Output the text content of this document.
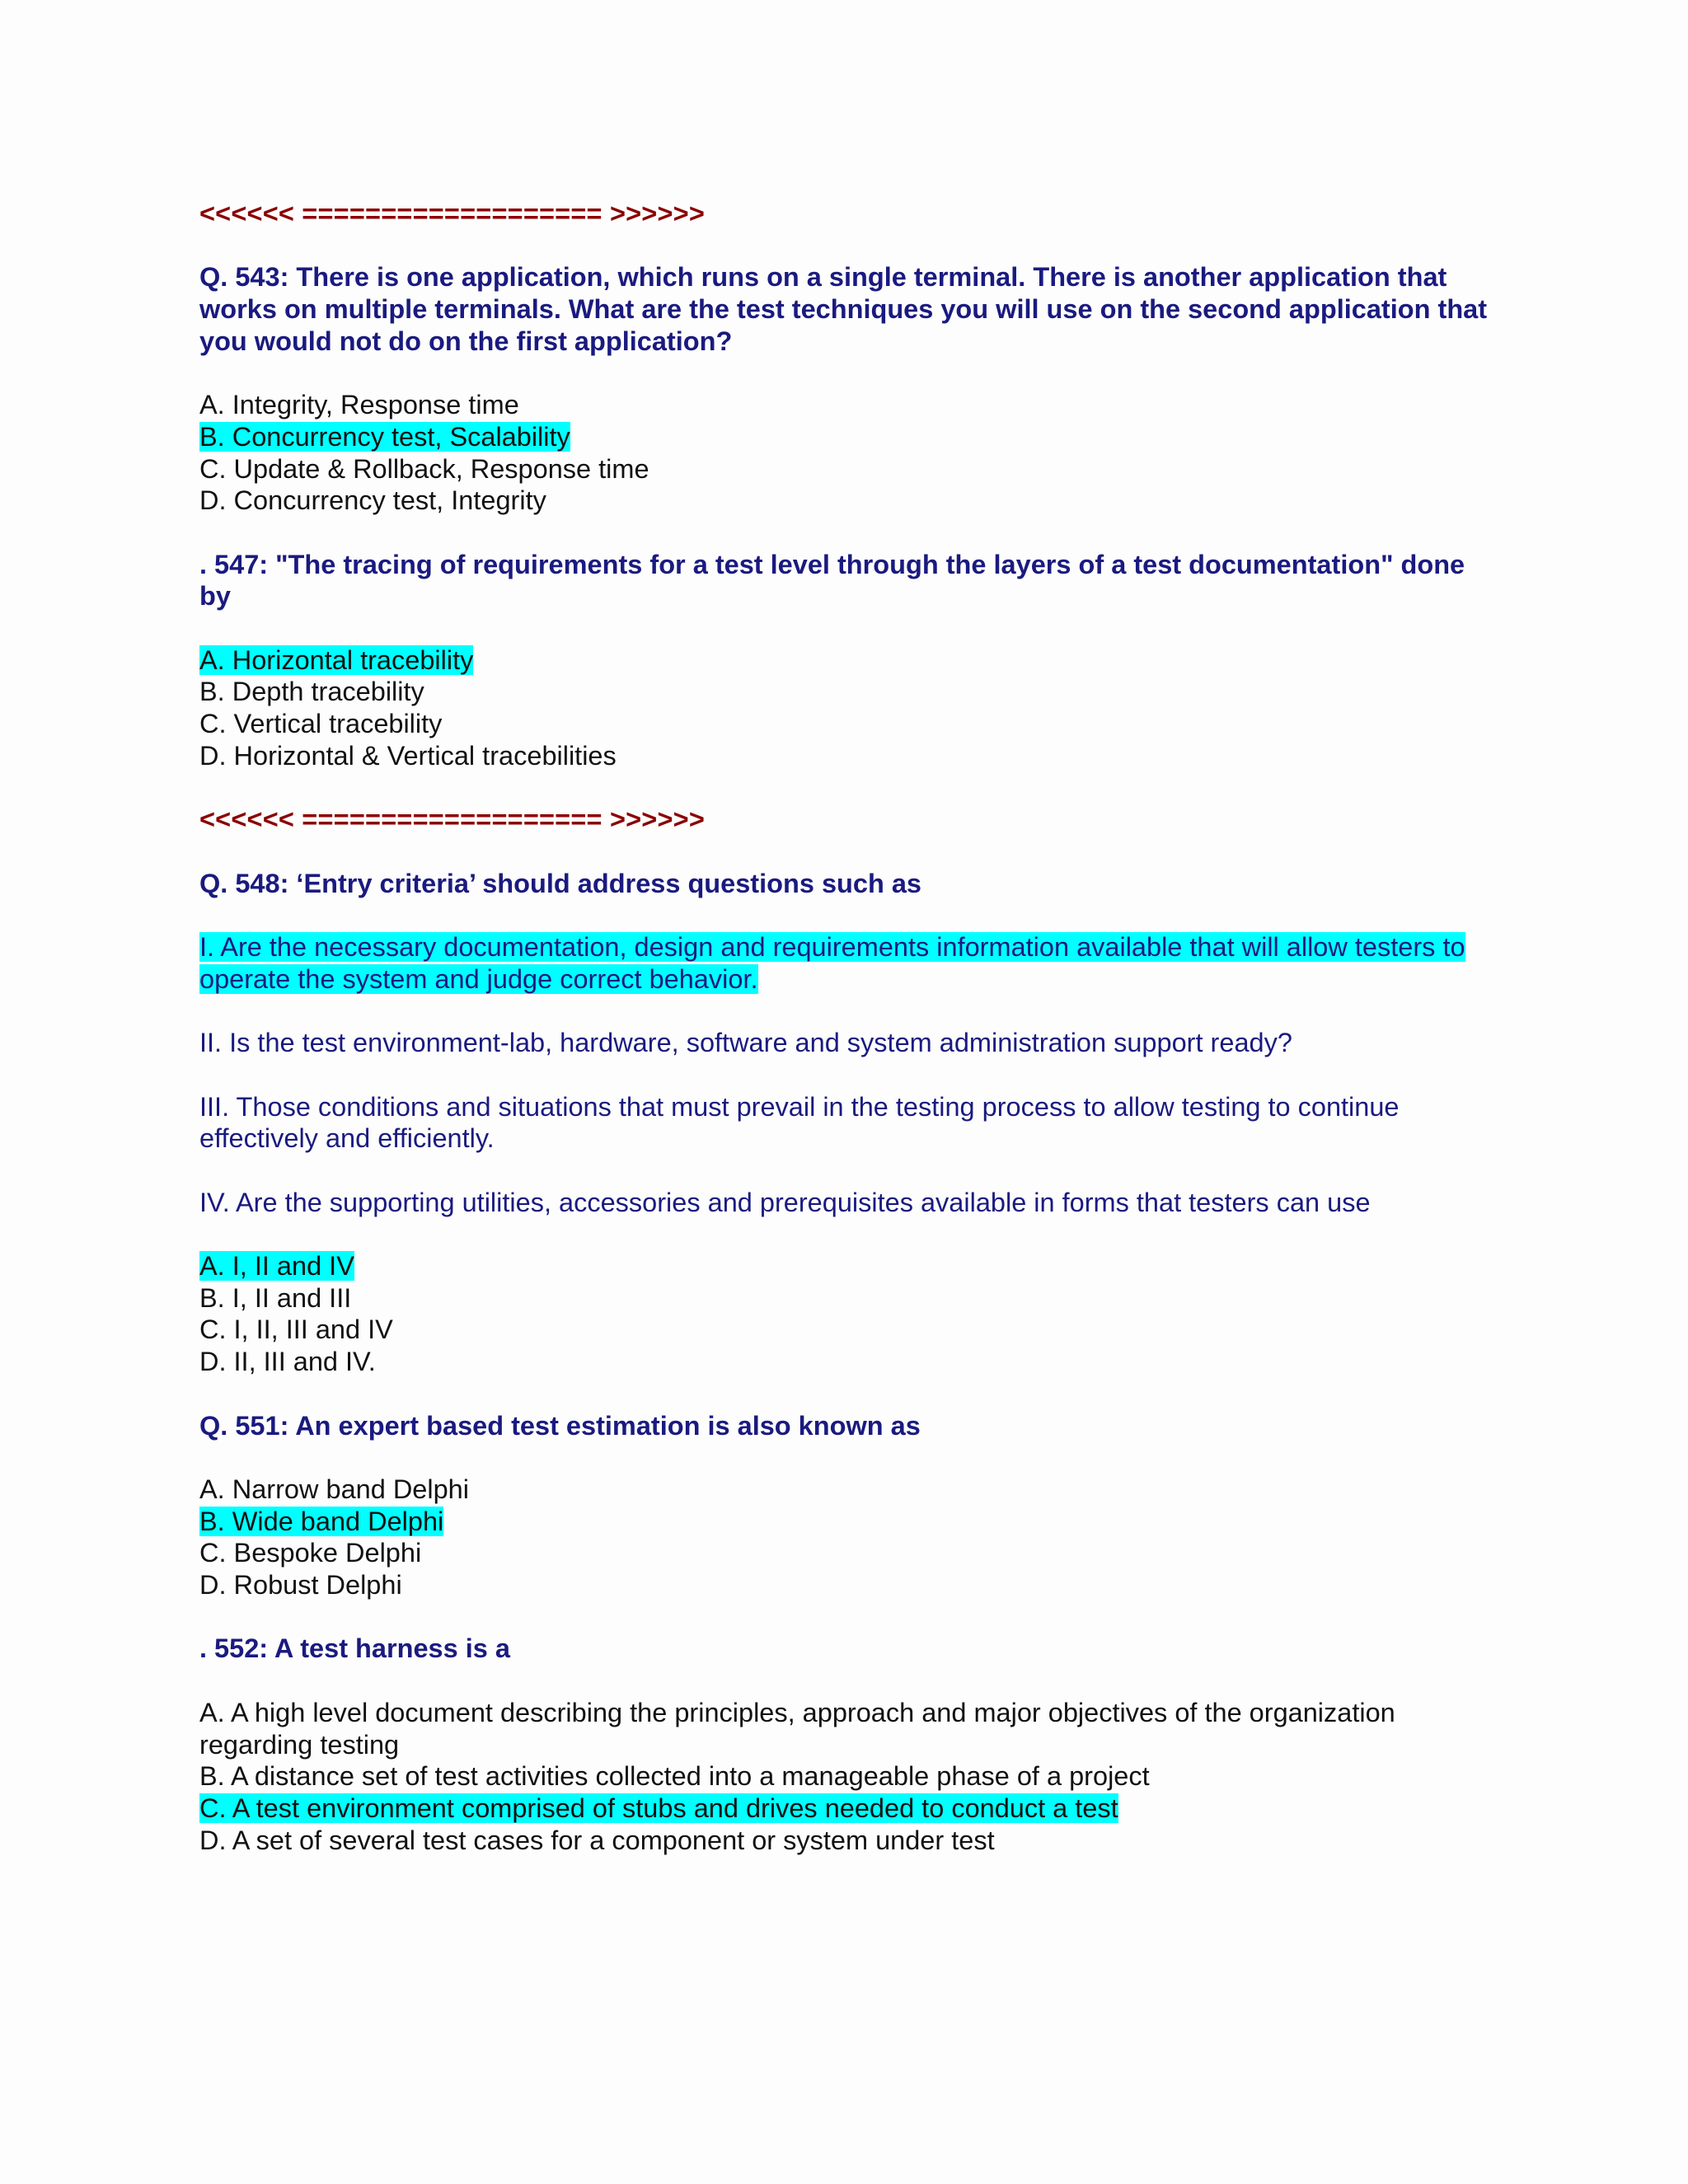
<<<<<< =================== >>>>>>
Q. 543: There is one application, which runs on a single terminal. There is another application that works on multiple terminals. What are the test techniques you will use on the second application that you would not do on the first application?
A. Integrity, Response time
B. Concurrency test, Scalability
C. Update & Rollback, Response time
D. Concurrency test, Integrity
. 547: "The tracing of requirements for a test level through the layers of a test documentation" done by
A. Horizontal tracebility
B. Depth tracebility
C. Vertical tracebility
D. Horizontal & Vertical tracebilities
<<<<<< =================== >>>>>>
Q. 548: ‘Entry criteria’ should address questions such as
I. Are the necessary documentation, design and requirements information available that will allow testers to operate the system and judge correct behavior.
II. Is the test environment-lab, hardware, software and system administration support ready?
III. Those conditions and situations that must prevail in the testing process to allow testing to continue effectively and efficiently.
IV. Are the supporting utilities, accessories and prerequisites available in forms that testers can use
A. I, II and IV
B. I, II and III
C. I, II, III and IV
D. II, III and IV.
Q. 551: An expert based test estimation is also known as
A. Narrow band Delphi
B. Wide band Delphi
C. Bespoke Delphi
D. Robust Delphi
. 552: A test harness is a
A. A high level document describing the principles, approach and major objectives of the organization regarding testing
B. A distance set of test activities collected into a manageable phase of a project
C. A test environment comprised of stubs and drives needed to conduct a test
D. A set of several test cases for a component or system under test
